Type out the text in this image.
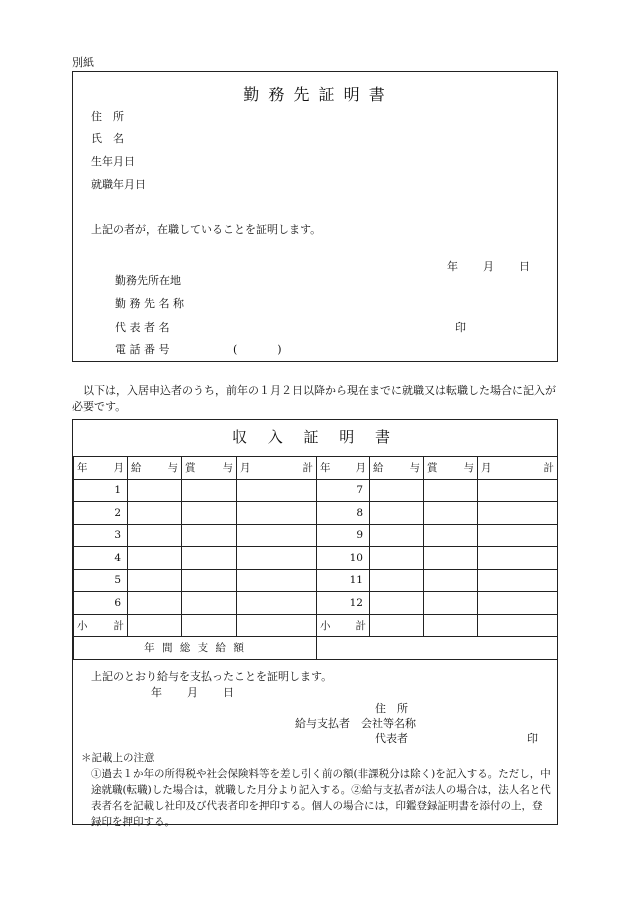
別紙
勤 務 先 証 明 書
住　所
氏　名
生年月日
就職年月日
上記の者が，在職していることを証明します。
年 月 日
勤務先所在地
勤 務 先 名 称
代 表 者 名	印
電 話 番 号	(　　)
以下は，入居申込者のうち，前年の１月２日以降から現在までに就職又は転職した場合に記入が必要です。
収 入 証 明 書
年 月	給 与	賞 与	月 計	年 月	給 与	賞 与	月 計

1				7			
2				8			
3				9			
4				10			
5				11			
6				12			

小 計				小 計			

年 間 総 支 給 額							
上記のとおり給与を支払ったことを証明します。
年 月 日
住　所
給与支払者 会社等名称
代表者	印
＊記載上の注意
①過去１か年の所得税や社会保険料等を差し引く前の額(非課税分は除く)を記入する。ただし，中途就職(転職)した場合は，就職した月分より記入する。②給与支払者が法人の場合は，法人名と代表者名を記載し社印及び代表者印を押印する。個人の場合には，印鑑登録証明書を添付の上，登録印を押印する。
